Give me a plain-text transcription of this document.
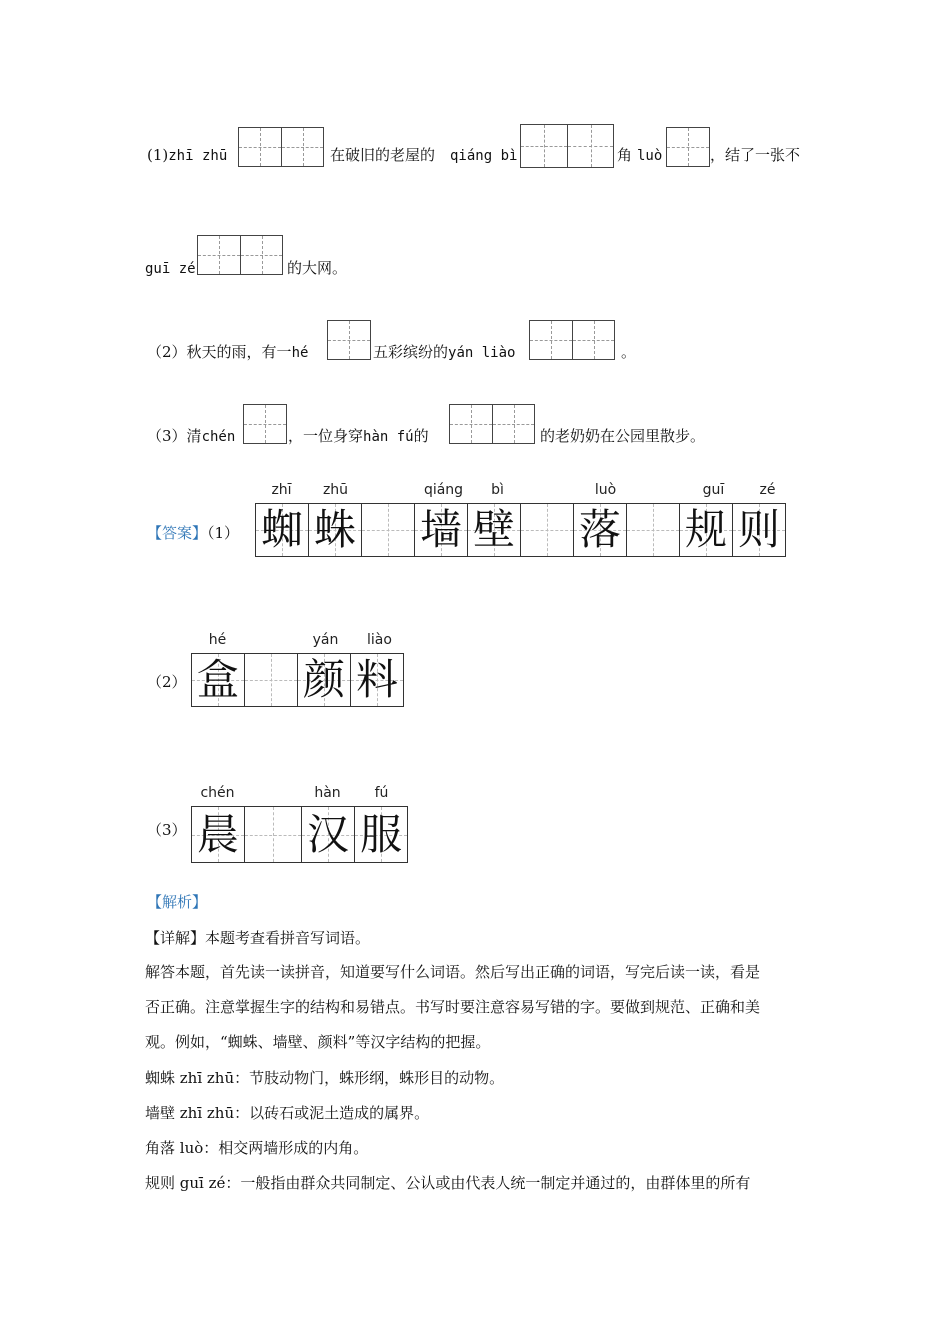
(1)zhī zhū	在破旧的老屋的 qiáng bì	角 luò	，结了一张不
guī zé	的大网。
（2）秋天的雨，有一hé	五彩缤纷的yán liào	。
（3）清chén	，一位身穿hàn fú的	的老奶奶在公园里散步。
【答案】（1）
zhī	zhū	qiáng	bì	luò	guī	zé
蜘 蛛 墙 壁 落 规 则
（2）
hé	yán	liào
盒 颜 料
（3）
chén	hàn	fú
晨 汉 服
【解析】
【详解】本题考查看拼音写词语。
解答本题，首先读一读拼音，知道要写什么词语。然后写出正确的词语，写完后读一读，看是
否正确。注意掌握生字的结构和易错点。书写时要注意容易写错的字。要做到规范、正确和美
观。例如，“蜘蛛、墙壁、颜料”等汉字结构的把握。
蜘蛛 zhī zhū：节肢动物门，蛛形纲，蛛形目的动物。
墙壁 zhī zhū：以砖石或泥土造成的属界。
角落 luò：相交两墙形成的内角。
规则 guī zé：一般指由群众共同制定、公认或由代表人统一制定并通过的，由群体里的所有
